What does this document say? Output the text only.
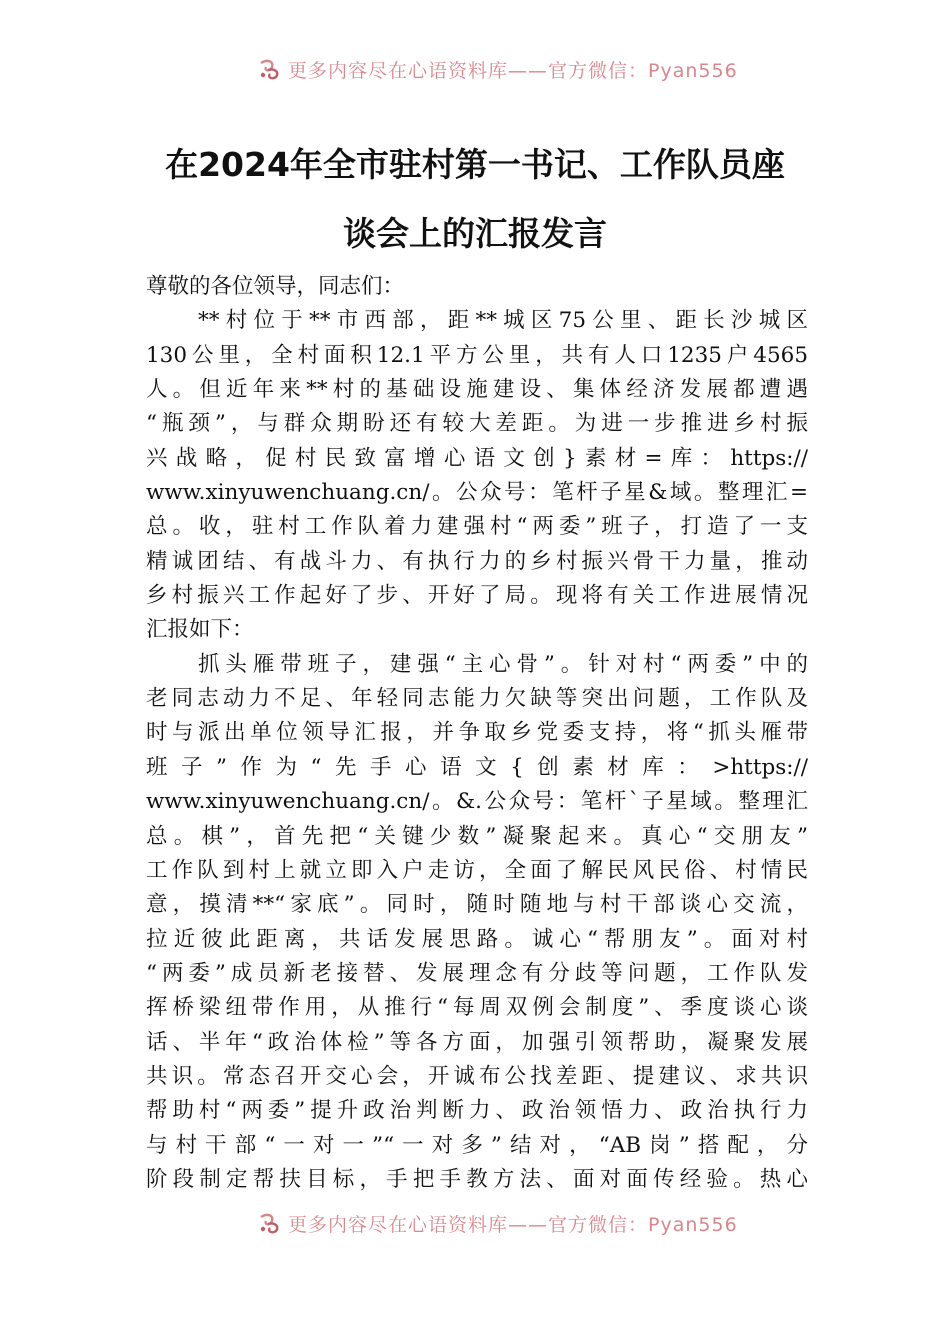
更多内容尽在心语资料库——官方微信：Pyan556
在2024年全市驻村第一书记、工作队员座
谈会上的汇报发言
尊敬的各位领导，同志们：
**村位于**市西部，距**城区75公里、距长沙城区
130公里，全村面积12.1平方公里，共有人口1235户4565
人。但近年来**村的基础设施建设、集体经济发展都遭遇
“瓶颈”，与群众期盼还有较大差距。为进一步推进乡村振
兴战略，促村民致富增心语文创}素材=库：https://
www.xinyuwenchuang.cn/。公众号：笔杆子星&域。整理汇=
总。收，驻村工作队着力建强村“两委”班子，打造了一支
精诚团结、有战斗力、有执行力的乡村振兴骨干力量，推动
乡村振兴工作起好了步、开好了局。现将有关工作进展情况
汇报如下：
抓头雁带班子，建强“主心骨”。针对村“两委”中的
老同志动力不足、年轻同志能力欠缺等突出问题，工作队及
时与派出单位领导汇报，并争取乡党委支持，将“抓头雁带
班子”作为“先手心语文{创素材库：>https://
www.xinyuwenchuang.cn/。&.公众号：笔杆`子星域。整理汇
总。棋”，首先把“关键少数”凝聚起来。真心“交朋友”
工作队到村上就立即入户走访，全面了解民风民俗、村情民
意，摸清**“家底”。同时，随时随地与村干部谈心交流，
拉近彼此距离，共话发展思路。诚心“帮朋友”。面对村
“两委”成员新老接替、发展理念有分歧等问题，工作队发
挥桥梁纽带作用，从推行“每周双例会制度”、季度谈心谈
话、半年“政治体检”等各方面，加强引领帮助，凝聚发展
共识。常态召开交心会，开诚布公找差距、提建议、求共识
帮助村“两委”提升政治判断力、政治领悟力、政治执行力
与村干部“一对一”“一对多”结对，“AB岗”搭配，分
阶段制定帮扶目标，手把手教方法、面对面传经验。热心
更多内容尽在心语资料库——官方微信：Pyan556
